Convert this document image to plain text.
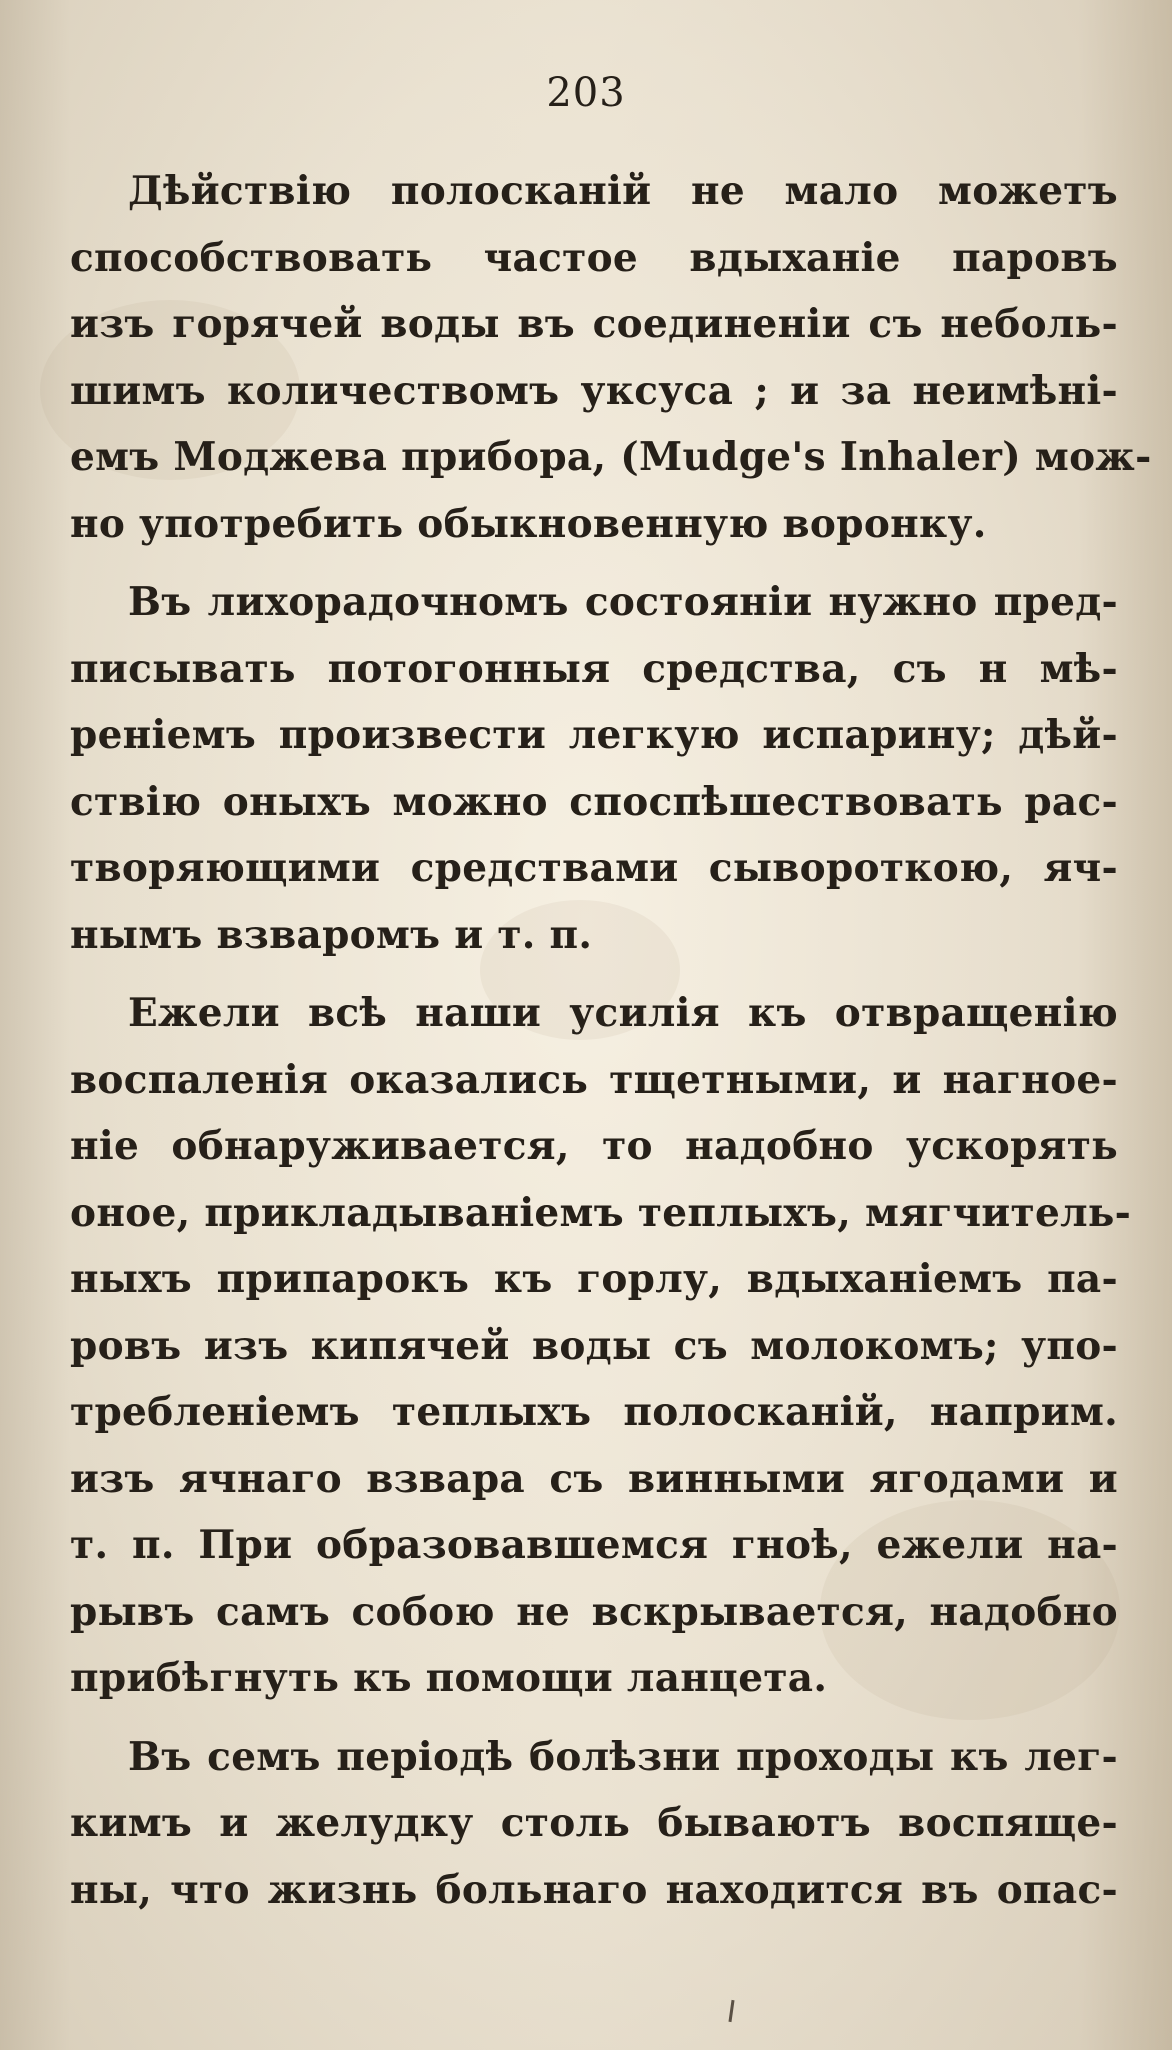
203
Дѣйствію полосканій не мало можетъ
способствовать частое вдыханіе паровъ
изъ горячей воды въ соединеніи съ неболь-
шимъ количествомъ уксуса ; и за неимѣні-
емъ Моджева прибора, (Mudge's Inhaler) мож-
но употребить обыкновенную воронку.
Въ лихорадочномъ состояніи нужно пред-
писывать потогонныя средства, съ н мѣ-
реніемъ произвести легкую испарину; дѣй-
ствію оныхъ можно споспѣшествовать рас-
творяющими средствами сывороткою, яч-
нымъ взваромъ и т. п.
Ежели всѣ наши усилія къ отвращенію
воспаленія оказались тщетными, и нагное-
ніе обнаруживается, то надобно ускорять
оное, прикладываніемъ теплыхъ, мягчитель-
ныхъ припарокъ къ горлу, вдыханіемъ па-
ровъ изъ кипячей воды съ молокомъ; упо-
требленіемъ теплыхъ полосканій, наприм.
изъ ячнаго взвара съ винными ягодами и
т. п. При образовавшемся гноѣ, ежели на-
рывъ самъ собою не вскрывается, надобно
прибѣгнуть къ помощи ланцета.
Въ семъ періодѣ болѣзни проходы къ лег-
кимъ и желудку столь бываютъ воспяще-
ны, что жизнь больнаго находится въ опас-
